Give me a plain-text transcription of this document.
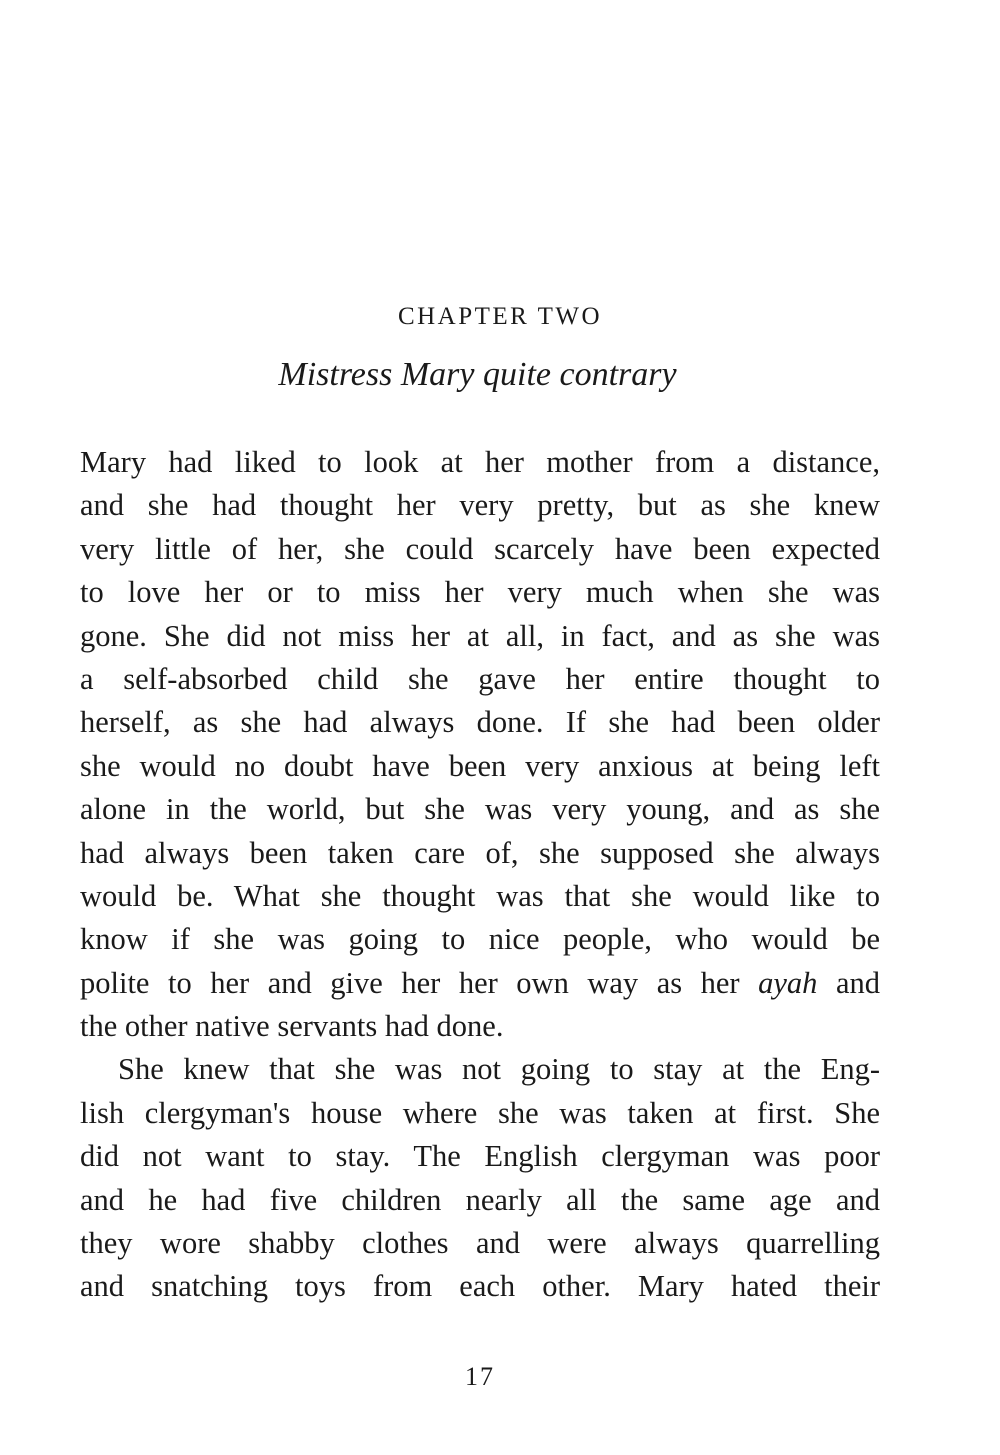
CHAPTER TWO
Mistress Mary quite contrary
Mary had liked to look at her mother from a distance,
and she had thought her very pretty, but as she knew
very little of her, she could scarcely have been expected
to love her or to miss her very much when she was
gone. She did not miss her at all, in fact, and as she was
a self-absorbed child she gave her entire thought to
herself, as she had always done. If she had been older
she would no doubt have been very anxious at being left
alone in the world, but she was very young, and as she
had always been taken care of, she supposed she always
would be. What she thought was that she would like to
know if she was going to nice people, who would be
polite to her and give her her own way as her ayah and
the other native servants had done.
She knew that she was not going to stay at the Eng-
lish clergyman's house where she was taken at first. She
did not want to stay. The English clergyman was poor
and he had five children nearly all the same age and
they wore shabby clothes and were always quarrelling
and snatching toys from each other. Mary hated their
17
